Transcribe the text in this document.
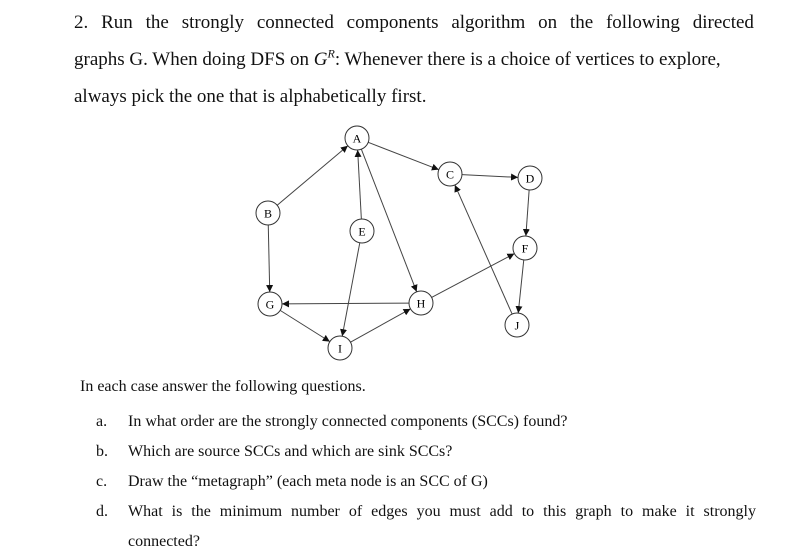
2. Run the strongly connected components algorithm on the following directed
graphs G. When doing DFS on $G^R$: Whenever there is a choice of vertices to explore,
always pick the one that is alphabetically first.
A
B
C	D
E
F
G	H
I
J
In each case answer the following questions.
a. In what order are the strongly connected components (SCCs) found?
b. Which are source SCCs and which are sink SCCs?
c. Draw the “metagraph” (each meta node is an SCC of G)
d. What is the minimum number of edges you must add to this graph to make it strongly
connected?
